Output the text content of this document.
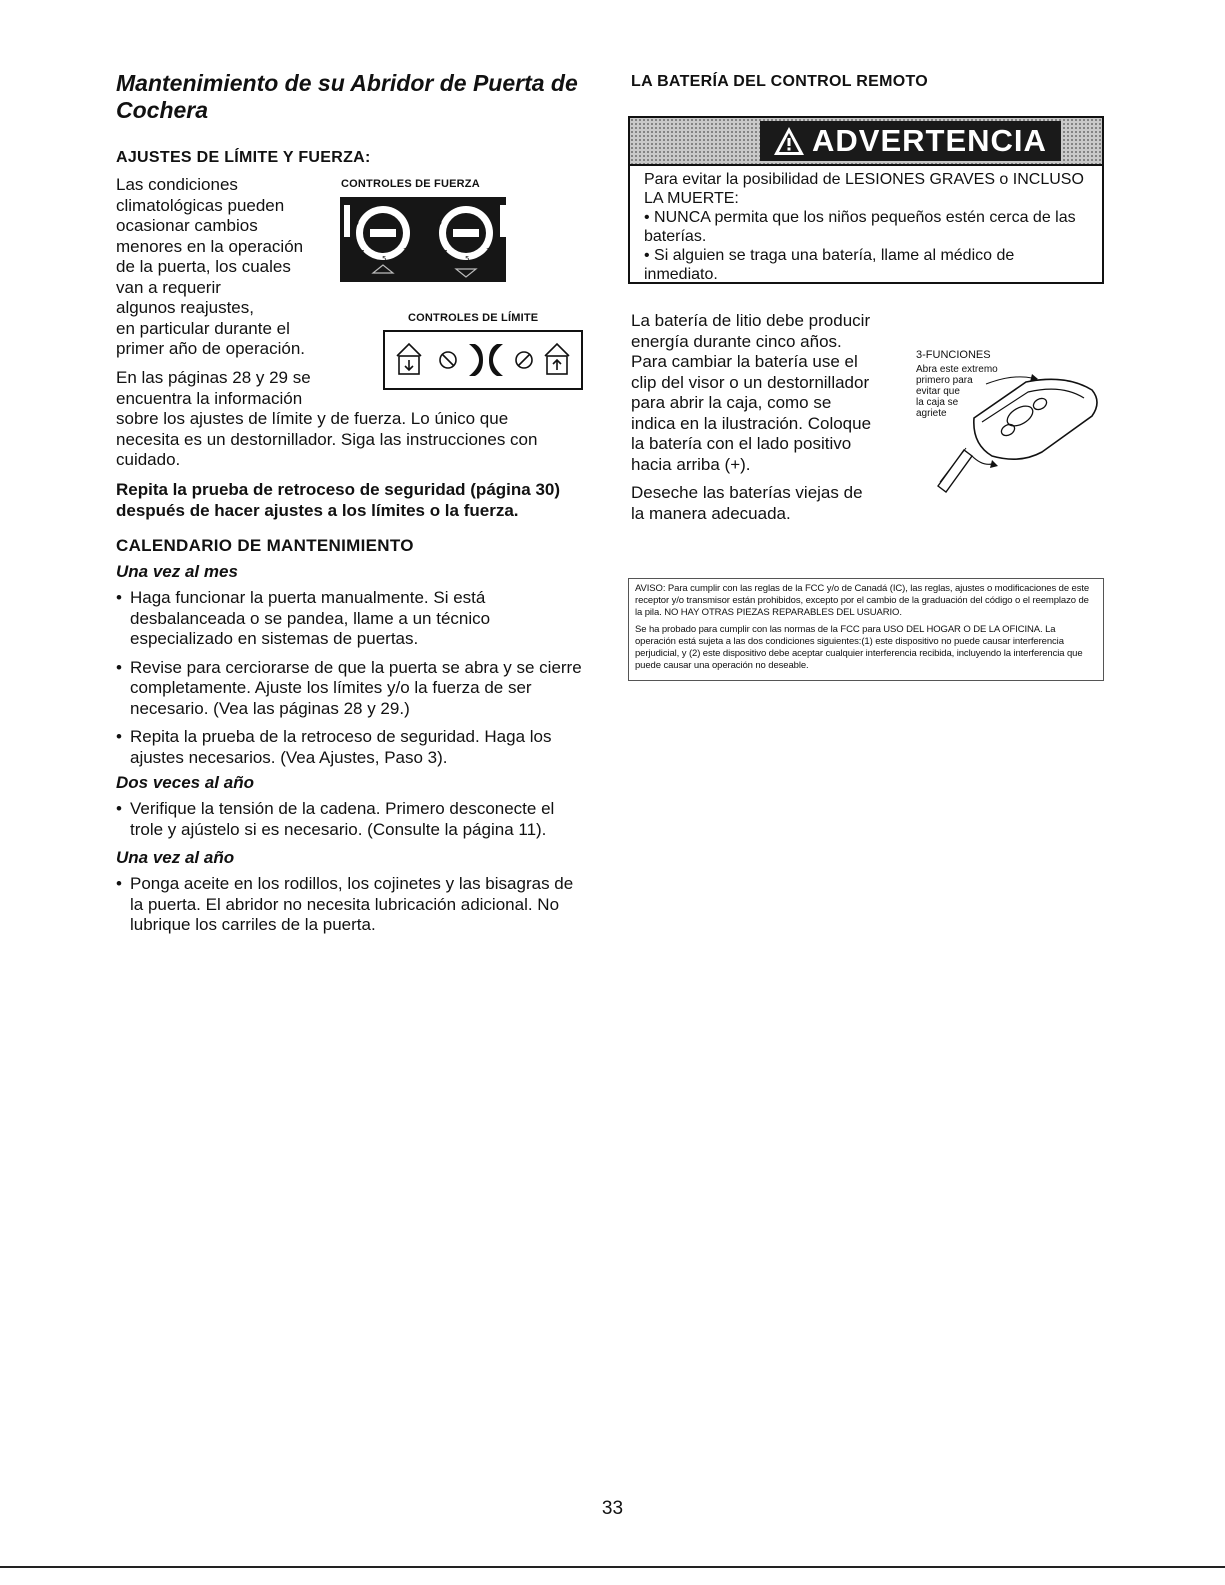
Mantenimiento de su Abridor de Puerta de Cochera
AJUSTES DE LÍMITE Y FUERZA:
Las condiciones
climatológicas pueden
ocasionar cambios
menores en la operación
de la puerta, los cuales
van a requerir
algunos reajustes,
en particular durante el
primer año de operación.
CONTROLES DE FUERZA
9
7
5
3
9
7
5
3
CONTROLES DE LÍMITE
En las páginas 28 y 29 se
encuentra la información
sobre los ajustes de límite y de fuerza. Lo único que necesita es un destornillador. Siga las instrucciones con cuidado.
Repita la prueba de retroceso de seguridad (página 30) después de hacer ajustes a los límites o la fuerza.
CALENDARIO DE MANTENIMIENTO
Una vez al mes
• Haga funcionar la puerta manualmente. Si está desbalanceada o se pandea, llame a un técnico especializado en sistemas de puertas.
• Revise para cerciorarse de que la puerta se abra y se cierre completamente. Ajuste los límites y/o la fuerza de ser necesario. (Vea las páginas 28 y 29.)
• Repita la prueba de la retroceso de seguridad. Haga los ajustes necesarios. (Vea Ajustes, Paso 3).
Dos veces al año
• Verifique la tensión de la cadena. Primero desconecte el trole y ajústelo si es necesario. (Consulte la página 11).
Una vez al año
• Ponga aceite en los rodillos, los cojinetes y las bisagras de la puerta. El abridor no necesita lubricación adicional. No lubrique los carriles de la puerta.
LA BATERÍA DEL CONTROL REMOTO
ADVERTENCIA

Para evitar la posibilidad de LESIONES GRAVES o INCLUSO LA MUERTE:

• NUNCA permita que los niños pequeños estén cerca de las baterías.

• Si alguien se traga una batería, llame al médico de inmediato.

La batería de litio debe producir
energía durante cinco años.
Para cambiar la batería use el
clip del visor o un destornillador
para abrir la caja, como se
indica en la ilustración. Coloque
la batería con el lado positivo
hacia arriba (+).
Deseche las baterías viejas de
la manera adecuada.
3-FUNCIONES
Abra este extremo
primero para
evitar que
la caja se
agriete

AVISO: Para cumplir con las reglas de la FCC y/o de Canadá (IC), las reglas, ajustes o modificaciones de este receptor y/o transmisor están prohibidos, excepto por el cambio de la graduación del código o el reemplazo de la pila. NO HAY OTRAS PIEZAS REPARABLES DEL USUARIO.

Se ha probado para cumplir con las normas de la FCC para USO DEL HOGAR O DE LA OFICINA. La operación está sujeta a las dos condiciones siguientes:(1) este dispositivo no puede causar interferencia perjudicial, y (2) este dispositivo debe aceptar cualquier interferencia recibida, incluyendo la interferencia que puede causar una operación no deseable.

33
